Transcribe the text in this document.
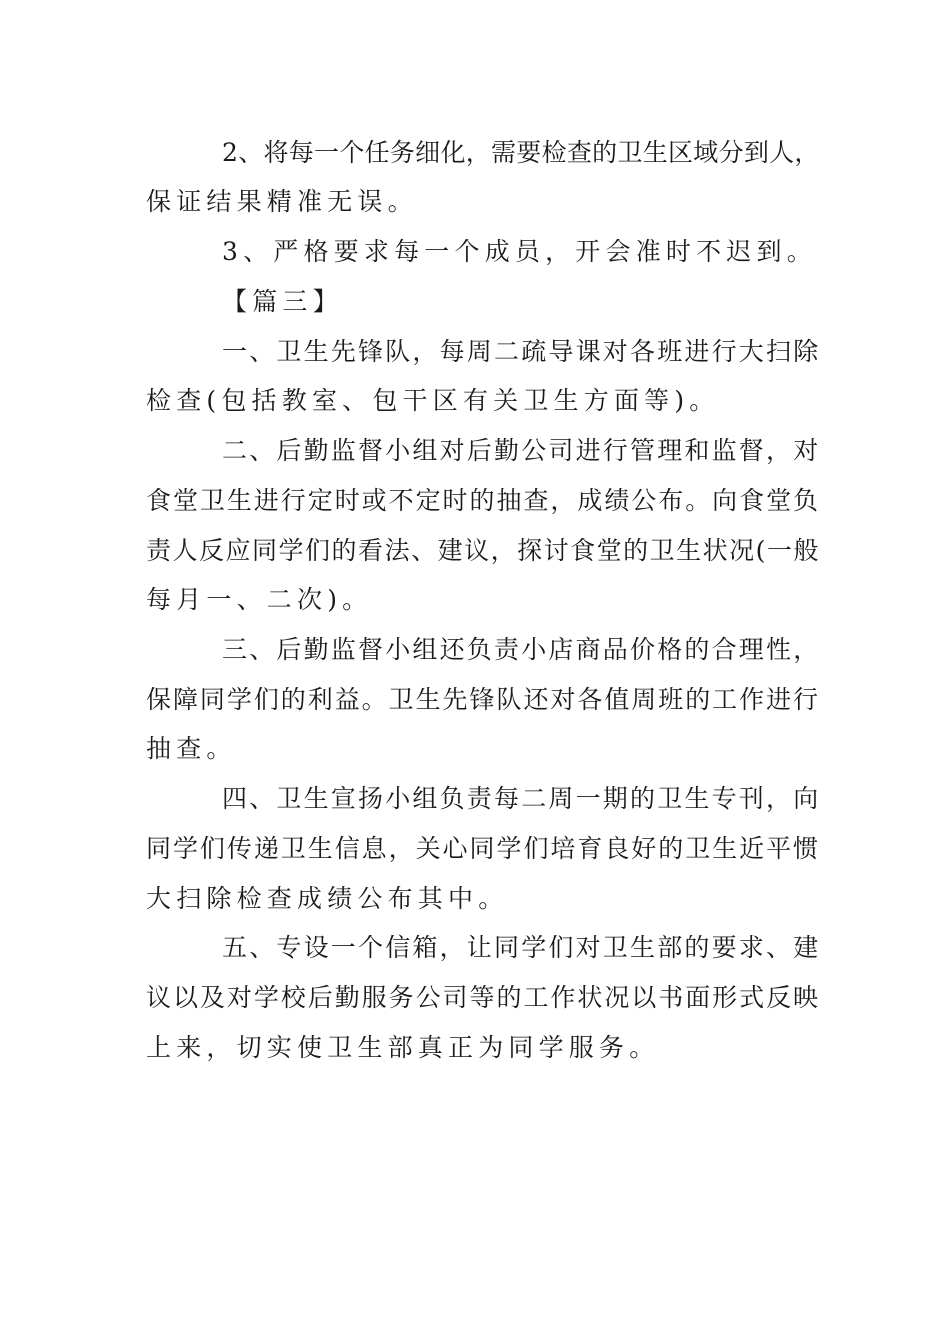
2、将每一个任务细化，需要检查的卫生区域分到人，
保证结果精准无误。
3、严格要求每一个成员，开会准时不迟到。
【篇三】
一、卫生先锋队，每周二疏导课对各班进行大扫除
检查(包括教室、包干区有关卫生方面等)。
二、后勤监督小组对后勤公司进行管理和监督，对
食堂卫生进行定时或不定时的抽查，成绩公布。向食堂负
责人反应同学们的看法、建议，探讨食堂的卫生状况(一般
每月一、二次)。
三、后勤监督小组还负责小店商品价格的合理性，
保障同学们的利益。卫生先锋队还对各值周班的工作进行
抽查。
四、卫生宣扬小组负责每二周一期的卫生专刊，向
同学们传递卫生信息，关心同学们培育良好的卫生近平惯
大扫除检查成绩公布其中。
五、专设一个信箱，让同学们对卫生部的要求、建
议以及对学校后勤服务公司等的工作状况以书面形式反映
上来，切实使卫生部真正为同学服务。
